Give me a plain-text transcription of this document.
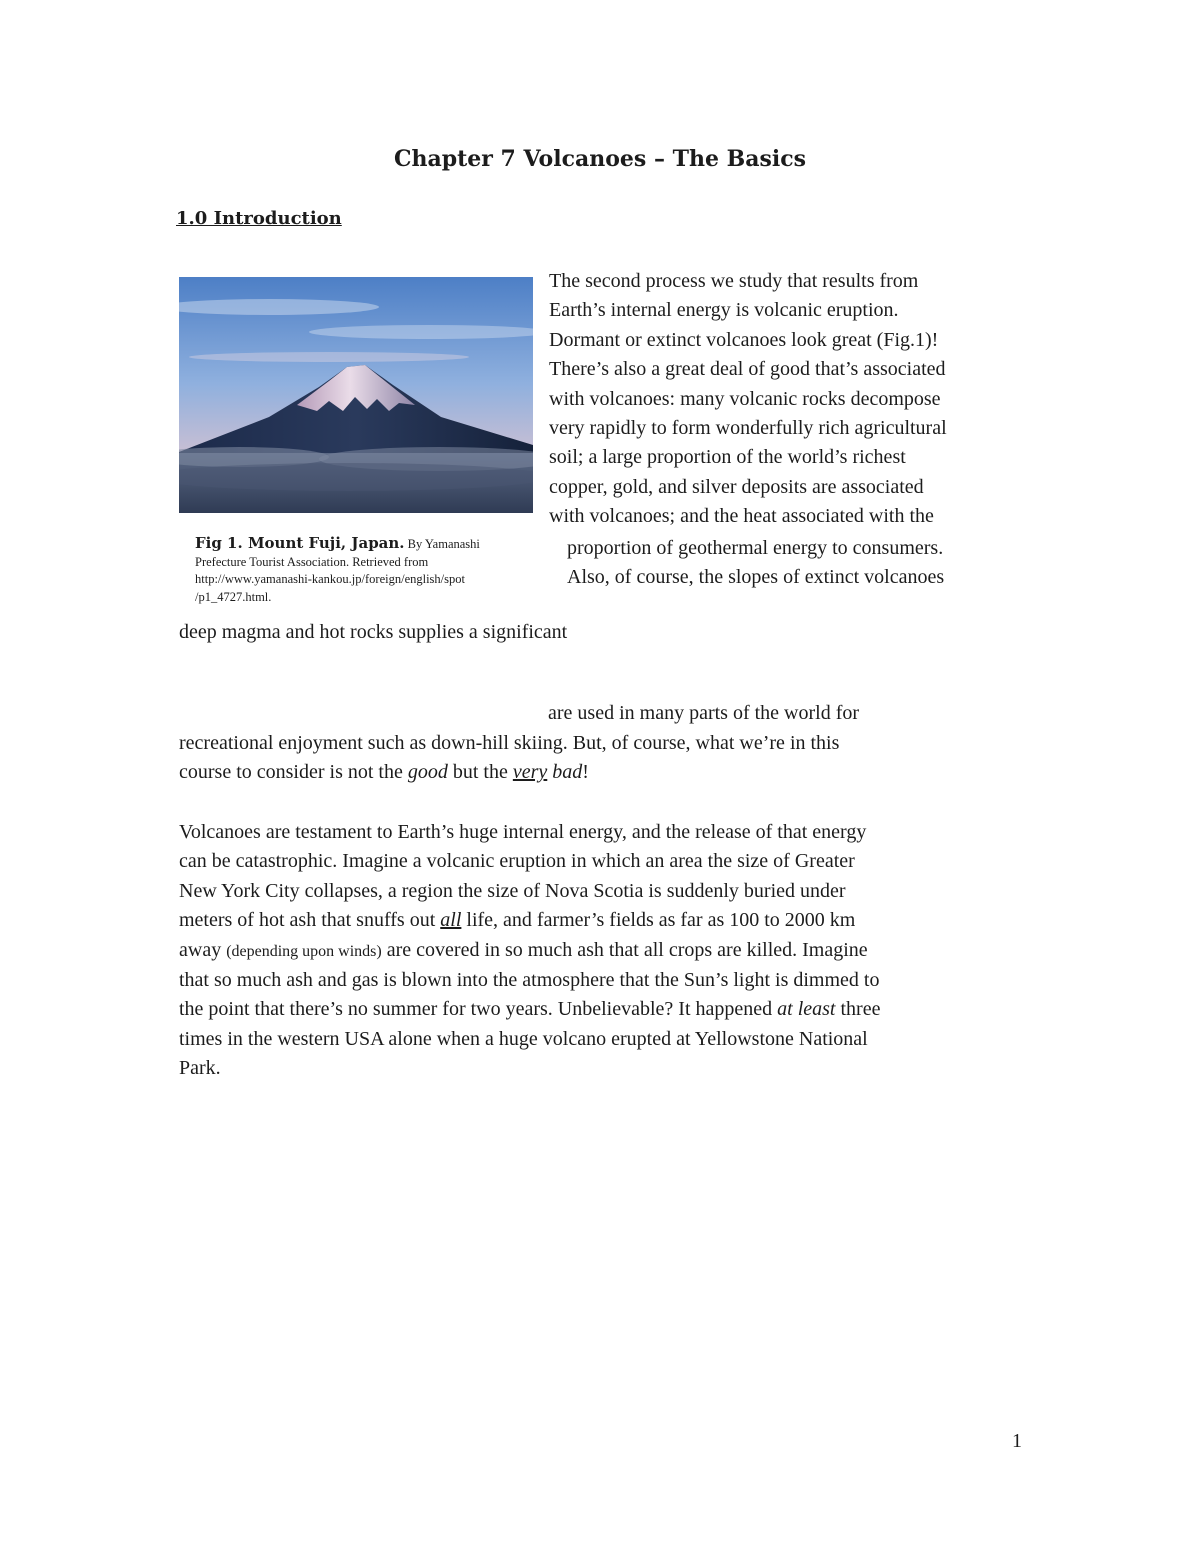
Chapter 7 Volcanoes – The Basics
1.0 Introduction
Fig 1. Mount Fuji, Japan. By Yamanashi
Prefecture Tourist Association. Retrieved from
http://www.yamanashi-kankou.jp/foreign/english/spot
/p1_4727.html.
The second process we study that results from
Earth’s internal energy is volcanic eruption.
Dormant or extinct volcanoes look great (Fig.1)!
There’s also a great deal of good that’s associated
with volcanoes: many volcanic rocks decompose
very rapidly to form wonderfully rich agricultural
soil; a large proportion of the world’s richest
copper, gold, and silver deposits are associated
with volcanoes; and the heat associated with the
proportion of geothermal energy to consumers.
Also, of course, the slopes of extinct volcanoes
deep magma and hot rocks supplies a significant
are used in many parts of the world for
recreational enjoyment such as down-hill skiing. But, of course, what we’re in this
course to consider is not the good but the very bad!
Volcanoes are testament to Earth’s huge internal energy, and the release of that energy
can be catastrophic. Imagine a volcanic eruption in which an area the size of Greater
New York City collapses, a region the size of Nova Scotia is suddenly buried under
meters of hot ash that snuffs out all life, and farmer’s fields as far as 100 to 2000 km
away (depending upon winds) are covered in so much ash that all crops are killed. Imagine
that so much ash and gas is blown into the atmosphere that the Sun’s light is dimmed to
the point that there’s no summer for two years. Unbelievable? It happened at least three
times in the western USA alone when a huge volcano erupted at Yellowstone National
Park.
1
